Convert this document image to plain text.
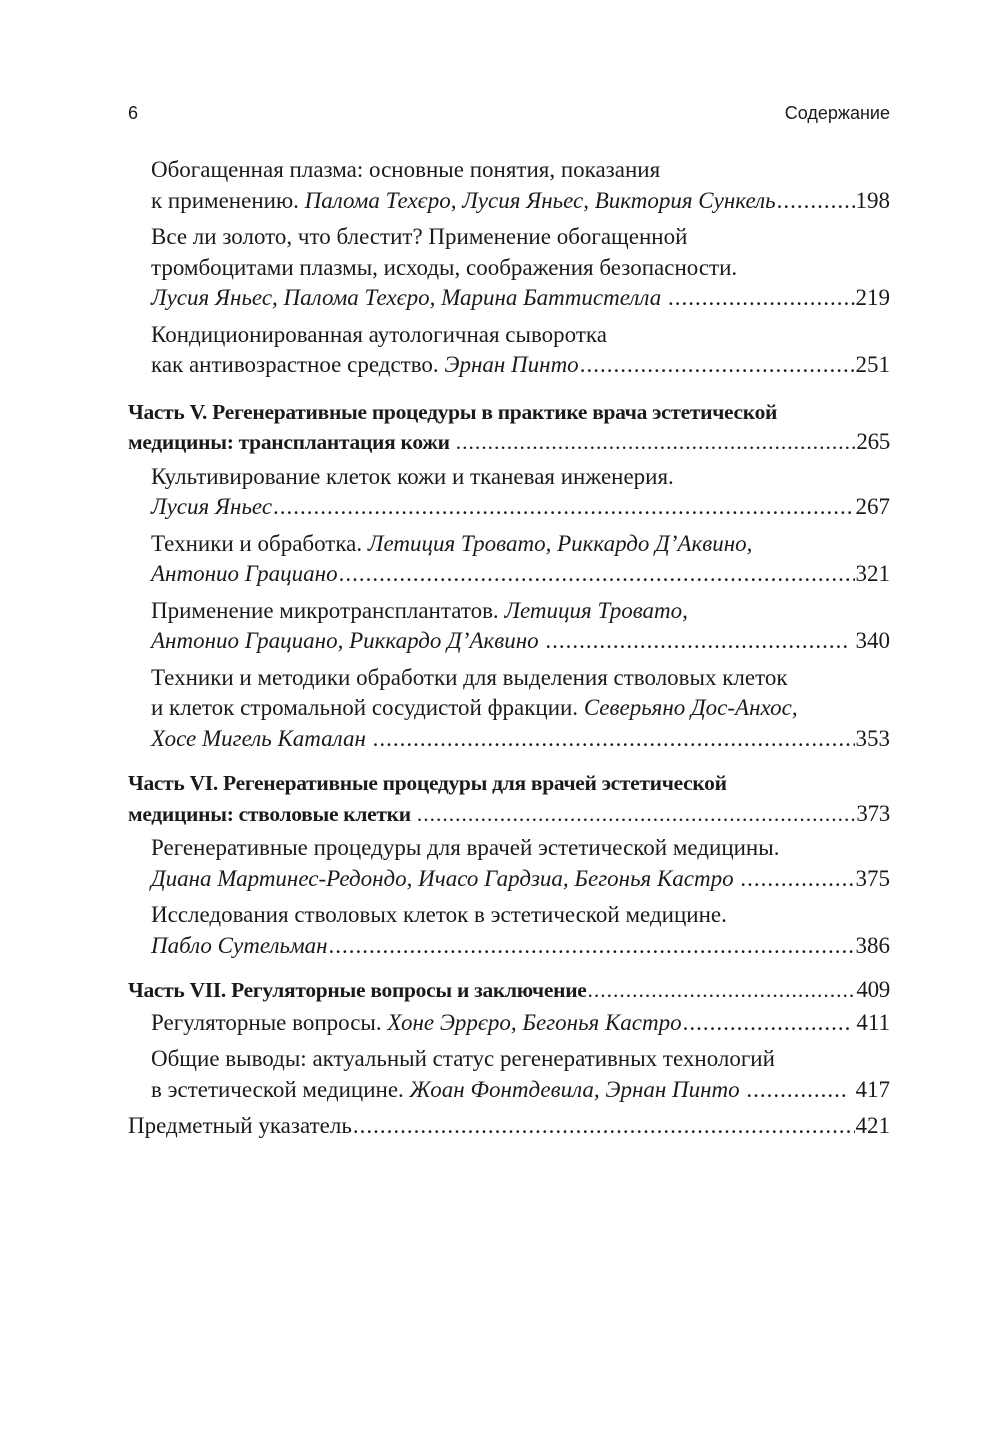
6	Содержание
Обогащенная плазма: основные понятия, показания
к применению. Палома Техєро, Лусия Яньес, Виктория Сункель .....	198
Все ли золото, что блестит? Применение обогащенной
тромбоцитами плазмы, исходы, соображения безопасности.
Лусия Яньес, Палома Техєро, Марина Баттистелла .....	219
Кондиционированная аутологичная сыворотка
как антивозрастное средство. Эрнан Пинто .....	251
Часть V. Регенеративные процедуры в практике врача эстетической
медицины: трансплантация кожи .....	265
Культивирование клеток кожи и тканевая инженерия.
Лусия Яньес .....	267
Техники и обработка. Летиция Тровато, Риккардо Д’Аквино,
Антонио Грациано .....	321
Применение микротрансплантатов. Летиция Тровато,
Антонио Грациано, Риккардо Д’Аквино .....	340
Техники и методики обработки для выделения стволовых клеток
и клеток стромальной сосудистой фракции. Северьяно Дос-Анхос,
Хосе Мигель Каталан .....	353
Часть VI. Регенеративные процедуры для врачей эстетической
медицины: стволовые клетки .....	373
Регенеративные процедуры для врачей эстетической медицины.
Диана Мартинес-Редондо, Ичасо Гардзиа, Бегонья Кастро .....	375
Исследования стволовых клеток в эстетической медицине.
Пабло Сутельман .....	386
Часть VII. Регуляторные вопросы и заключение .....	409
Регуляторные вопросы. Хоне Эррєро, Бегонья Кастро .....	411
Общие выводы: актуальный статус регенеративных технологий
в эстетической медицине. Жоан Фонтдевила, Эрнан Пинто .....	417
Предметный указатель .....	421
